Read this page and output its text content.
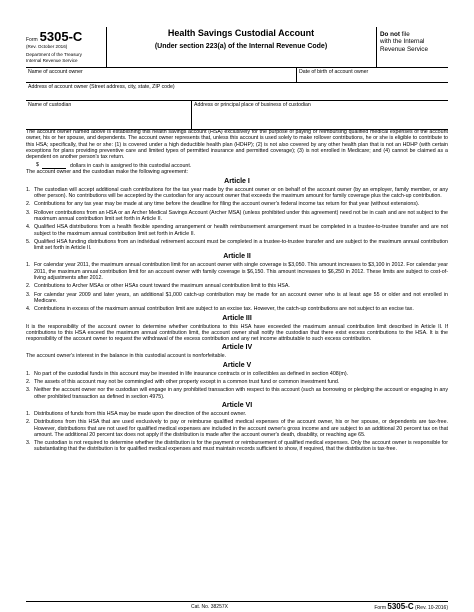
Form 5305-C
(Rev. October 2016)
Department of the Treasury
Internal Revenue Service
Health Savings Custodial Account
(Under section 223(a) of the Internal Revenue Code)
Do not file
with the Internal
Revenue Service
Name of account owner	Date of birth of account owner
Address of account owner (Street address, city, state, ZIP code)
Name of custodian	Address or principal place of business of custodian

The account owner named above is establishing this health savings account (HSA) exclusively for the purpose of paying or reimbursing qualified medical expenses of the account owner, his or her spouse, and dependents. The account owner represents that, unless this account is used solely to make rollover contributions, he or she is eligible to contribute to this HSA; specifically, that he or she: (1) is covered under a high deductible health plan (HDHP); (2) is not also covered by any other health plan that is not an HDHP (with certain exceptions for plans providing preventive care and limited types of permitted insurance and permitted coverage); (3) is not enrolled in Medicare; and (4) cannot be claimed as a dependent on another person's tax return.

$	dollars in cash is assigned to this custodial account.

The account owner and the custodian make the following agreement:

Article I
1. The custodian will accept additional cash contributions for the tax year made by the account owner or on behalf of the account owner (by an employer, family member, or any other person). No contributions will be accepted by the custodian for any account owner that exceeds the maximum amount for family coverage plus the catch-up contribution.
2. Contributions for any tax year may be made at any time before the deadline for filing the account owner's federal income tax return for that year (without extensions).
3. Rollover contributions from an HSA or an Archer Medical Savings Account (Archer MSA) (unless prohibited under this agreement) need not be in cash and are not subject to the maximum annual contribution limit set forth in Article II.
4. Qualified HSA distributions from a health flexible spending arrangement or health reimbursement arrangement must be completed in a trustee-to-trustee transfer and are not subject to the maximum annual contribution limit set forth in Article II.
5. Qualified HSA funding distributions from an individual retirement account must be completed in a trustee-to-trustee transfer and are subject to the maximum annual contribution limit set forth in Article II.
Article II
1. For calendar year 2011, the maximum annual contribution limit for an account owner with single coverage is $3,050. This amount increases to $3,100 in 2012. For calendar year 2011, the maximum annual contribution limit for an account owner with family coverage is $6,150. This amount increases to $6,250 in 2012. These limits are subject to cost-of-living adjustments after 2012.
2. Contributions to Archer MSAs or other HSAs count toward the maximum annual contribution limit to this HSA.
3. For calendar year 2009 and later years, an additional $1,000 catch-up contribution may be made for an account owner who is at least age 55 or older and not enrolled in Medicare.
4. Contributions in excess of the maximum annual contribution limit are subject to an excise tax. However, the catch-up contributions are not subject to an excise tax.
Article III

It is the responsibility of the account owner to determine whether contributions to this HSA have exceeded the maximum annual contribution limit described in Article II. If contributions to this HSA exceed the maximum annual contribution limit, the account owner shall notify the custodian that there exist excess contributions to the HSA. It is the responsibility of the account owner to request the withdrawal of the excess contribution and any net income attributable to such excess contribution.

Article IV

The account owner's interest in the balance in this custodial account is nonforfeitable.

Article V
1. No part of the custodial funds in this account may be invested in life insurance contracts or in collectibles as defined in section 408(m).
2. The assets of this account may not be commingled with other property except in a common trust fund or common investment fund.
3. Neither the account owner nor the custodian will engage in any prohibited transaction with respect to this account (such as borrowing or pledging the account or engaging in any other prohibited transaction as defined in section 4975).
Article VI
1. Distributions of funds from this HSA may be made upon the direction of the account owner.
2. Distributions from this HSA that are used exclusively to pay or reimburse qualified medical expenses of the account owner, his or her spouse, or dependents are tax-free. However, distributions that are not used for qualified medical expenses are included in the account owner's gross income and are subject to an additional 20 percent tax on that amount. The additional 20 percent tax does not apply if the distribution is made after the account owner's death, disability, or reaching age 65.
3. The custodian is not required to determine whether the distribution is for the payment or reimbursement of qualified medical expenses. Only the account owner is responsible for substantiating that the distribution is for qualified medical expenses and must maintain records sufficient to show, if required, that the distribution is tax-free.
Cat. No. 38257X	Form 5305-C (Rev. 10-2016)
